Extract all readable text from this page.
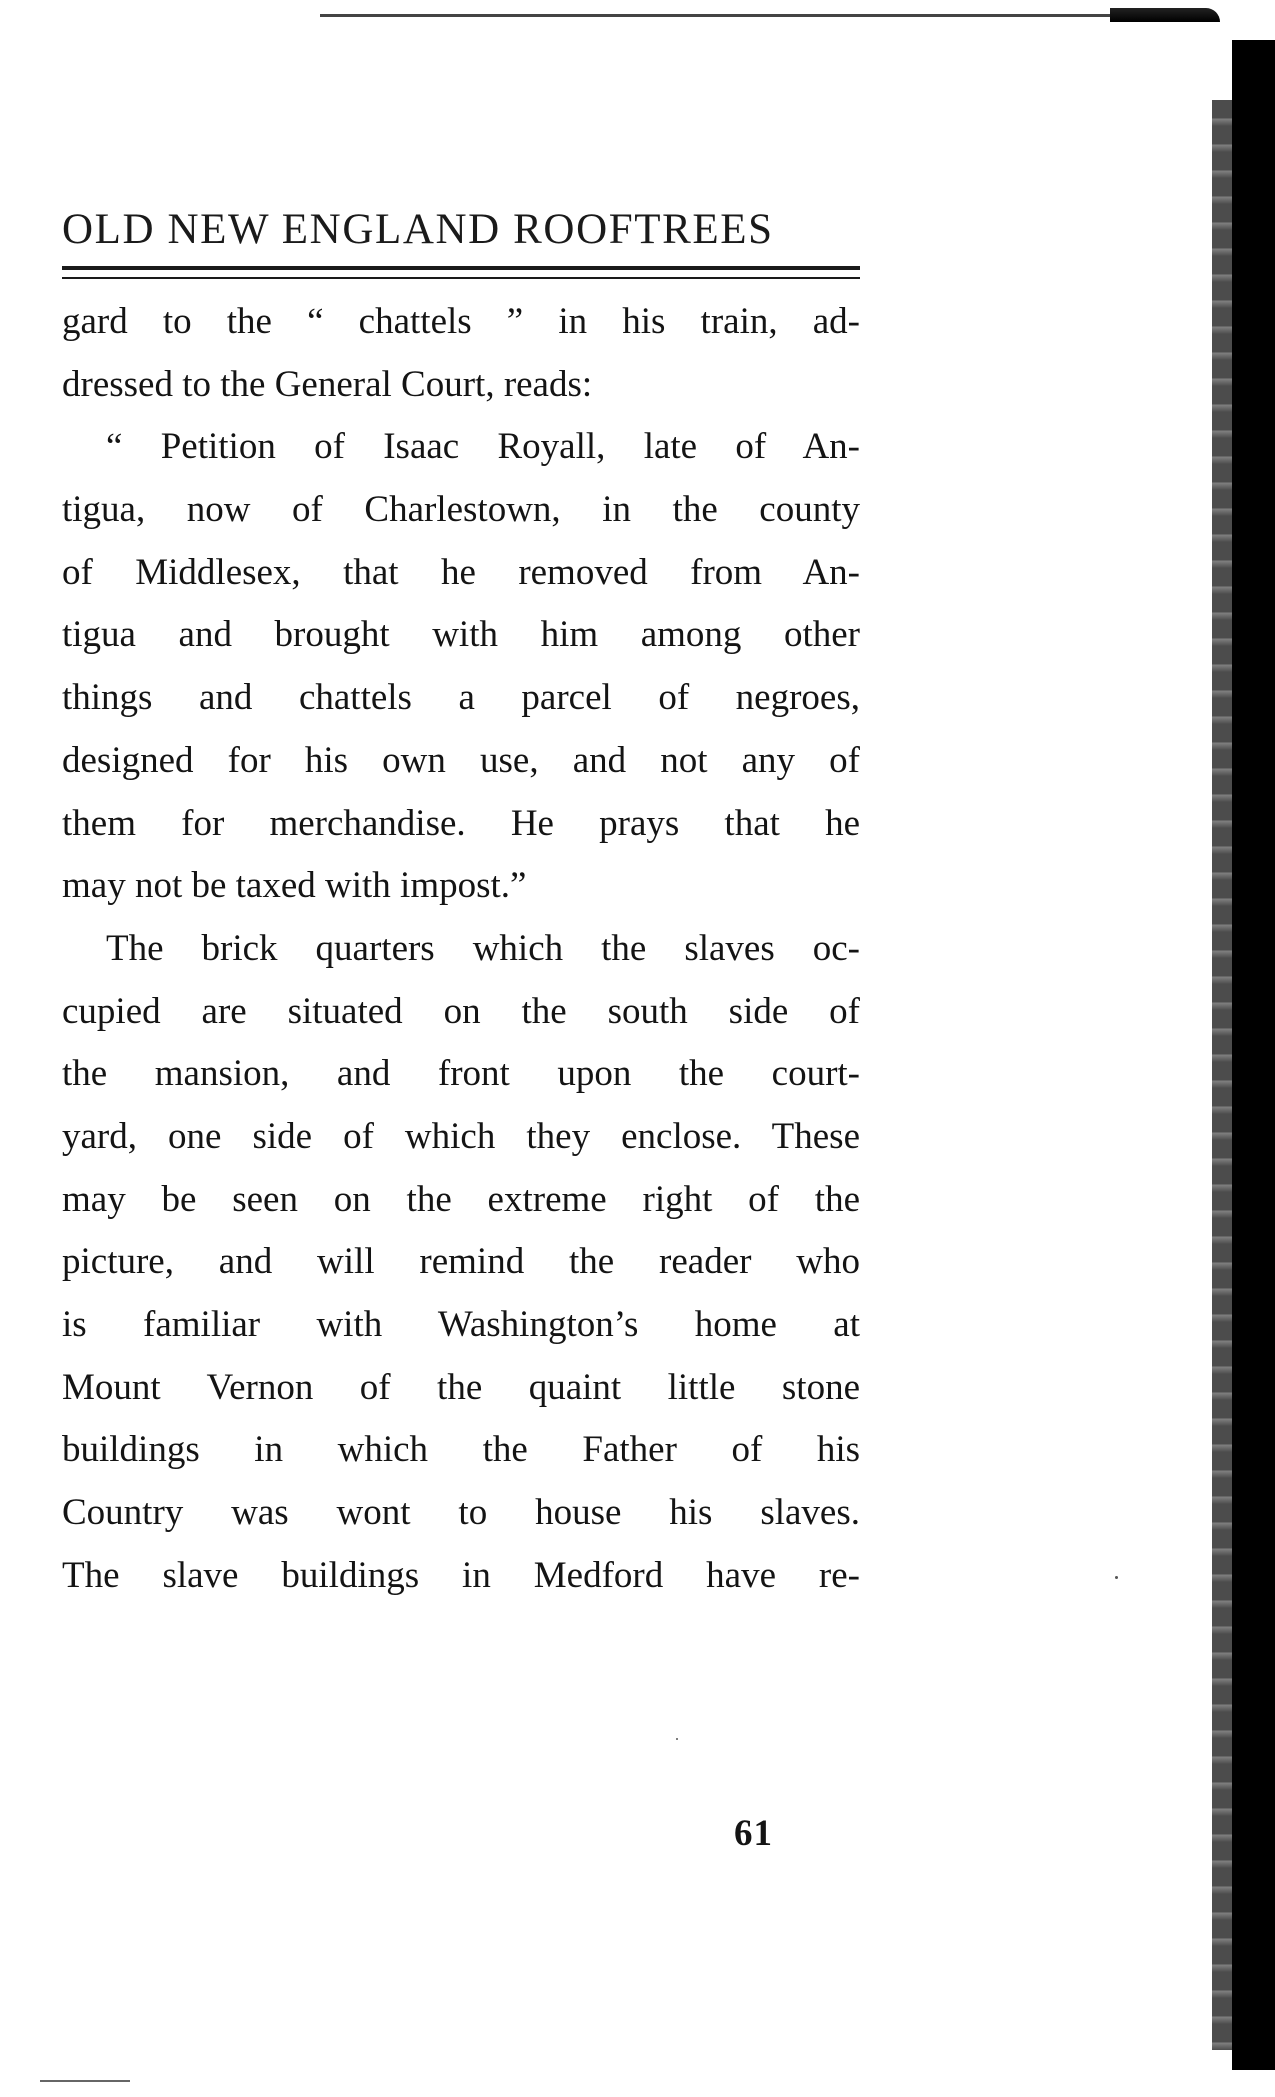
OLD NEW ENGLAND ROOFTREES
gard to the “ chattels ” in his train, ad-
dressed to the General Court, reads:
“ Petition of Isaac Royall, late of An-
tigua, now of Charlestown, in the county
of Middlesex, that he removed from An-
tigua and brought with him among other
things and chattels a parcel of negroes,
designed for his own use, and not any of
them for merchandise. He prays that he
may not be taxed with impost.”
The brick quarters which the slaves oc-
cupied are situated on the south side of
the mansion, and front upon the court-
yard, one side of which they enclose. These
may be seen on the extreme right of the
picture, and will remind the reader who
is familiar with Washington’s home at
Mount Vernon of the quaint little stone
buildings in which the Father of his
Country was wont to house his slaves.
The slave buildings in Medford have re-
61
